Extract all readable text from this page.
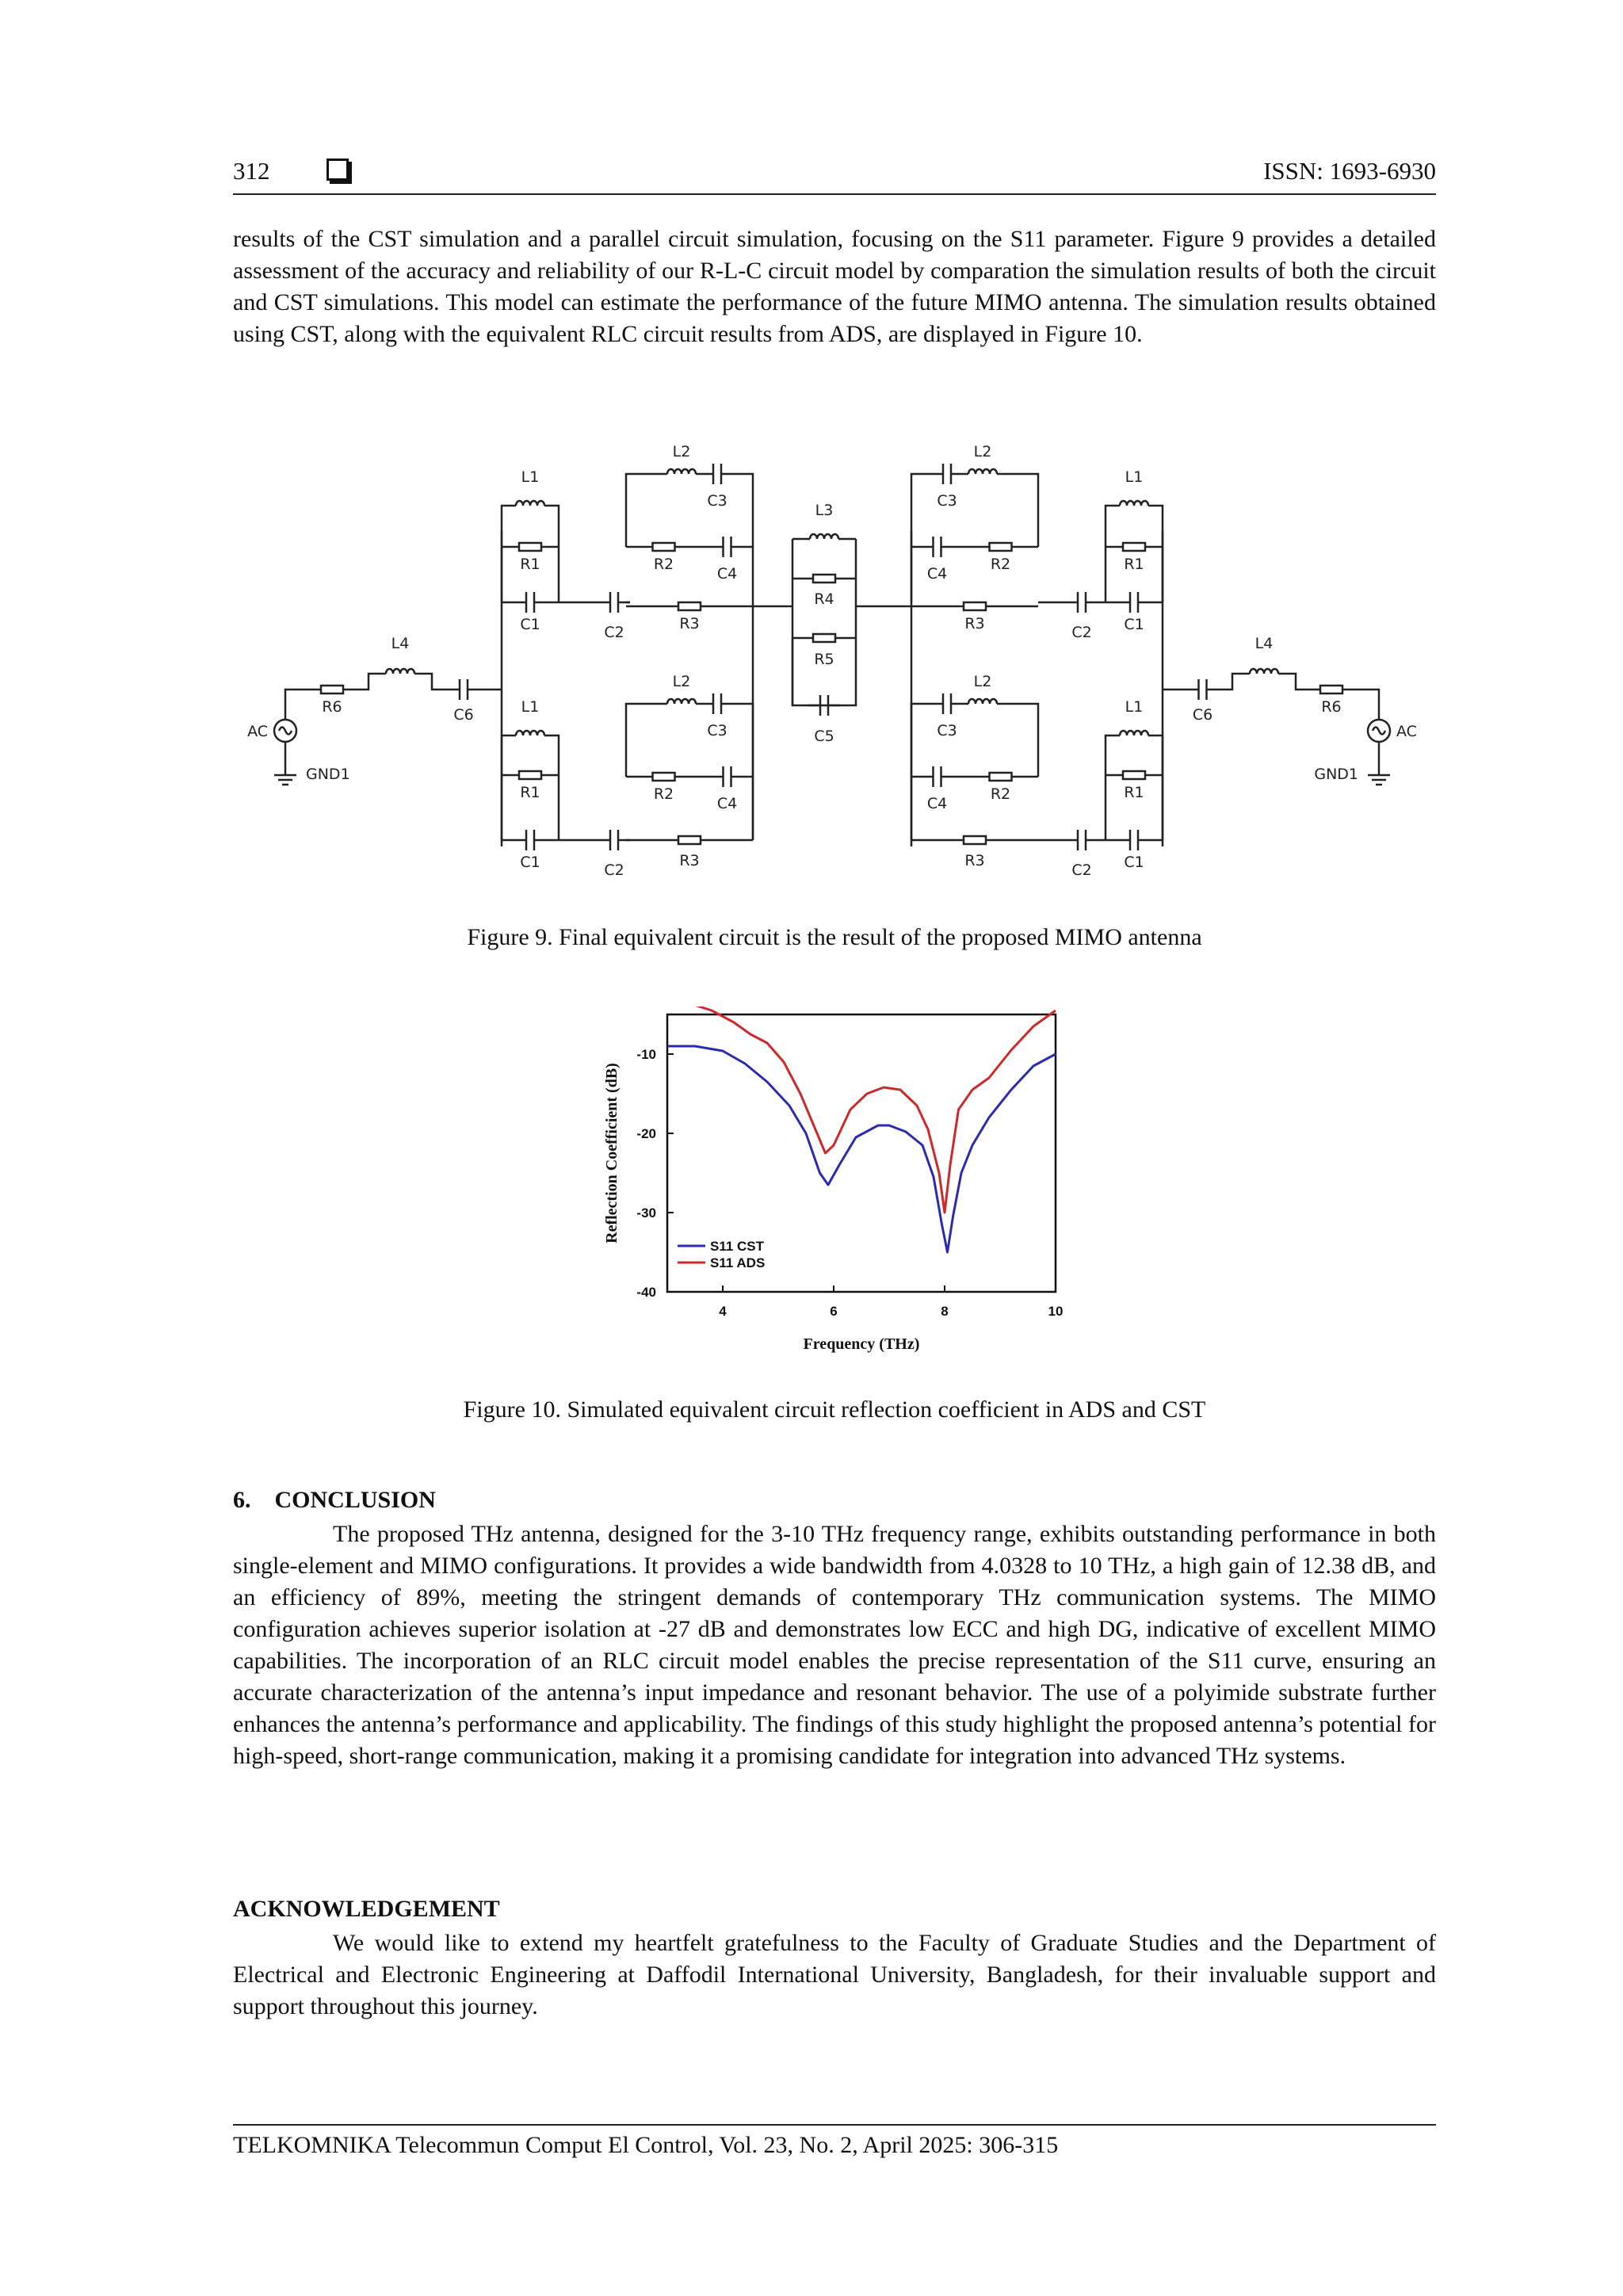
312	ISSN: 1693-6930

results of the CST simulation and a parallel circuit simulation, focusing on the S11 parameter. Figure 9 provides a detailed assessment of the accuracy and reliability of our R-L-C circuit model by comparation the simulation results of both the circuit and CST simulations. This model can estimate the performance of the future MIMO antenna. The simulation results obtained using CST, along with the equivalent RLC circuit results from ADS, are displayed in Figure 10.

AC
R6
L4
C6
GND1
L1
R1
C1	C2
L2
C3
R2
C4
R3
L1
R1
C1	C2
L2
C3
R2
C4
R3
L3
R4
R5
C5
L2
C3
R2
C4
R3	C2
L1
R1
C1
L2
C3
R2
C4
R3
C2
L1
R1
C1
C6
L4
R6
AC
GND1
Figure 9. Final equivalent circuit is the result of the proposed MIMO antenna
-10
-20
-30
-40
4	6	8	10
S11 CST
S11 ADS
Frequency (THz)
Reflection Coefficient (dB)
Figure 10. Simulated equivalent circuit reflection coefficient in ADS and CST
6. CONCLUSION

The proposed THz antenna, designed for the 3-10 THz frequency range, exhibits outstanding performance in both single-element and MIMO configurations. It provides a wide bandwidth from 4.0328 to 10 THz, a high gain of 12.38 dB, and an efficiency of 89%, meeting the stringent demands of contemporary THz communication systems. The MIMO configuration achieves superior isolation at -27 dB and demonstrates low ECC and high DG, indicative of excellent MIMO capabilities. The incorporation of an RLC circuit model enables the precise representation of the S11 curve, ensuring an accurate characterization of the antenna’s input impedance and resonant behavior. The use of a polyimide substrate further enhances the antenna’s performance and applicability. The findings of this study highlight the proposed antenna’s potential for high-speed, short-range communication, making it a promising candidate for integration into advanced THz systems.

ACKNOWLEDGEMENT

We would like to extend my heartfelt gratefulness to the Faculty of Graduate Studies and the Department of Electrical and Electronic Engineering at Daffodil International University, Bangladesh, for their invaluable support and support throughout this journey.

TELKOMNIKA Telecommun Comput El Control, Vol. 23, No. 2, April 2025: 306-315
